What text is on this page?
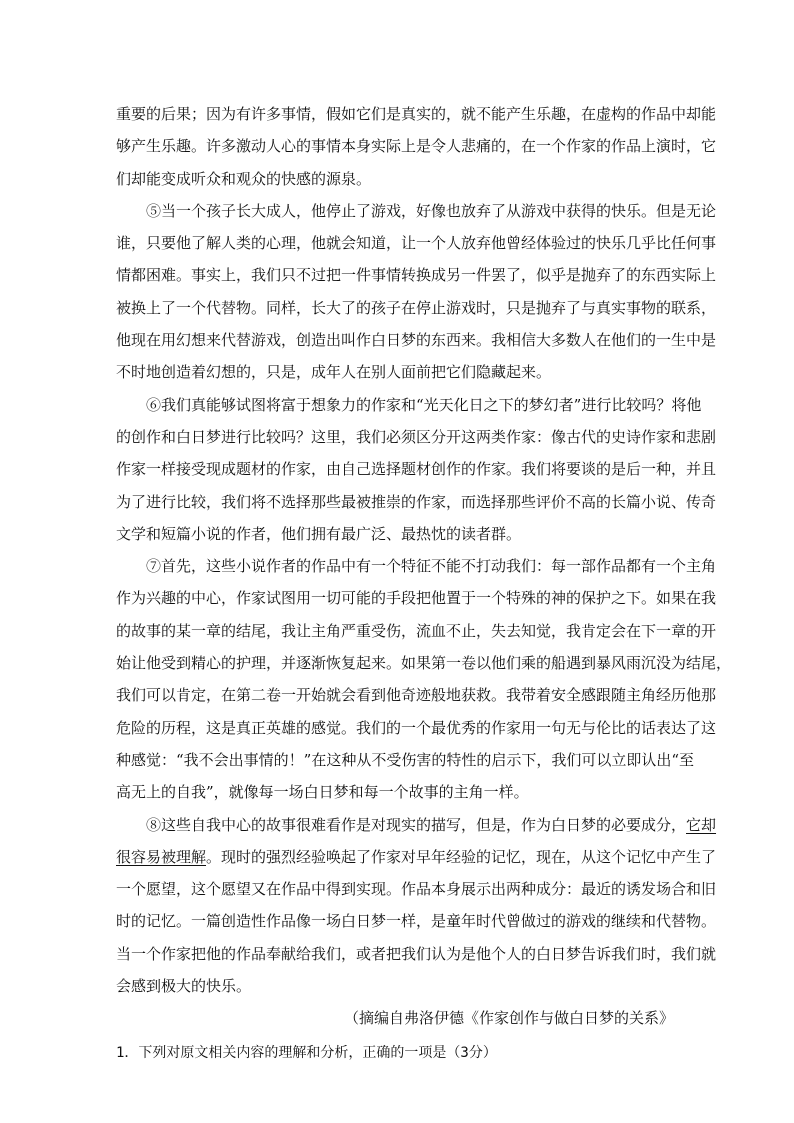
重要的后果；因为有许多事情，假如它们是真实的，就不能产生乐趣，在虚构的作品中却能
够产生乐趣。许多激动人心的事情本身实际上是令人悲痛的，在一个作家的作品上演时，它
们却能变成听众和观众的快感的源泉。
⑤当一个孩子长大成人，他停止了游戏，好像也放弃了从游戏中获得的快乐。但是无论
谁，只要他了解人类的心理，他就会知道，让一个人放弃他曾经体验过的快乐几乎比任何事
情都困难。事实上，我们只不过把一件事情转换成另一件罢了，似乎是抛弃了的东西实际上
被换上了一个代替物。同样，长大了的孩子在停止游戏时，只是抛弃了与真实事物的联系，
他现在用幻想来代替游戏，创造出叫作白日梦的东西来。我相信大多数人在他们的一生中是
不时地创造着幻想的，只是，成年人在别人面前把它们隐藏起来。
⑥我们真能够试图将富于想象力的作家和“光天化日之下的梦幻者”进行比较吗？将他
的创作和白日梦进行比较吗？这里，我们必须区分开这两类作家：像古代的史诗作家和悲剧
作家一样接受现成题材的作家，由自己选择题材创作的作家。我们将要谈的是后一种，并且
为了进行比较，我们将不选择那些最被推崇的作家，而选择那些评价不高的长篇小说、传奇
文学和短篇小说的作者，他们拥有最广泛、最热忱的读者群。
⑦首先，这些小说作者的作品中有一个特征不能不打动我们：每一部作品都有一个主角
作为兴趣的中心，作家试图用一切可能的手段把他置于一个特殊的神的保护之下。如果在我
的故事的某一章的结尾，我让主角严重受伤，流血不止，失去知觉，我肯定会在下一章的开
始让他受到精心的护理，并逐渐恢复起来。如果第一卷以他们乘的船遇到暴风雨沉没为结尾，
我们可以肯定，在第二卷一开始就会看到他奇迹般地获救。我带着安全感跟随主角经历他那
危险的历程，这是真正英雄的感觉。我们的一个最优秀的作家用一句无与伦比的话表达了这
种感觉：“我不会出事情的！”在这种从不受伤害的特性的启示下，我们可以立即认出“至
高无上的自我”，就像每一场白日梦和每一个故事的主角一样。
⑧这些自我中心的故事很难看作是对现实的描写，但是，作为白日梦的必要成分，它却
很容易被理解。现时的强烈经验唤起了作家对早年经验的记忆，现在，从这个记忆中产生了
一个愿望，这个愿望又在作品中得到实现。作品本身展示出两种成分：最近的诱发场合和旧
时的记忆。一篇创造性作品像一场白日梦一样，是童年时代曾做过的游戏的继续和代替物。
当一个作家把他的作品奉献给我们，或者把我们认为是他个人的白日梦告诉我们时，我们就
会感到极大的快乐。
（摘编自弗洛伊德《作家创作与做白日梦的关系》
1．下列对原文相关内容的理解和分析，正确的一项是（3分）
